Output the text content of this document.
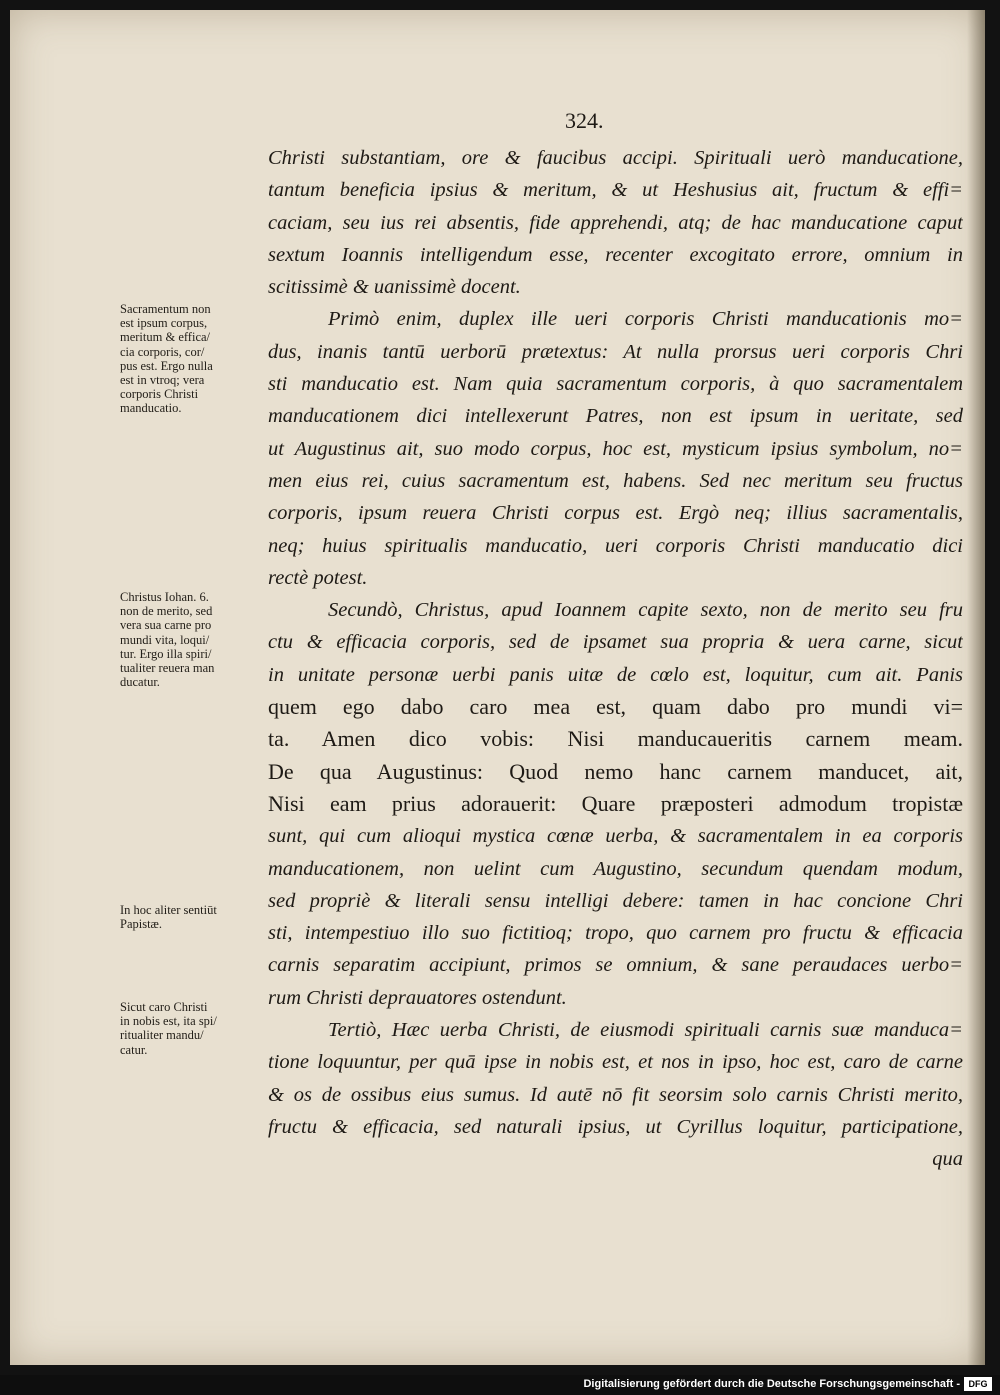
324.
Christi substantiam, ore & faucibus accipi. Spirituali uerò manducatione,
tantum beneficia ipsius & meritum, & ut Heshusius ait, fructum & effi=
caciam, seu ius rei absentis, fide apprehendi, atq; de hac manducatione caput
sextum Ioannis intelligendum esse, recenter excogitato errore, omnium in
scitissimè & uanissimè docent.
Primò enim, duplex ille ueri corporis Christi manducationis mo=
dus, inanis tantū uerborū prætextus: At nulla prorsus ueri corporis Chri
sti manducatio est. Nam quia sacramentum corporis, à quo sacramentalem
manducationem dici intellexerunt Patres, non est ipsum in ueritate, sed
ut Augustinus ait, suo modo corpus, hoc est, mysticum ipsius symbolum, no=
men eius rei, cuius sacramentum est, habens. Sed nec meritum seu fructus
corporis, ipsum reuera Christi corpus est. Ergò neq; illius sacramentalis,
neq; huius spiritualis manducatio, ueri corporis Christi manducatio dici
rectè potest.
Secundò, Christus, apud Ioannem capite sexto, non de merito seu fru
ctu & efficacia corporis, sed de ipsamet sua propria & uera carne, sicut
in unitate personæ uerbi panis uitæ de cœlo est, loquitur, cum ait. Panis
quem ego dabo caro mea est, quam dabo pro mundi vi=
ta. Amen dico vobis: Nisi manducaueritis carnem meam.
De qua Augustinus: Quod nemo hanc carnem manducet, ait,
Nisi eam prius adorauerit: Quare præposteri admodum tropistæ
sunt, qui cum alioqui mystica cœnæ uerba, & sacramentalem in ea corporis
manducationem, non uelint cum Augustino, secundum quendam modum,
sed propriè & literali sensu intelligi debere: tamen in hac concione Chri
sti, intempestiuo illo suo fictitioq; tropo, quo carnem pro fructu & efficacia
carnis separatim accipiunt, primos se omnium, & sane peraudaces uerbo=
rum Christi deprauatores ostendunt.
Tertiò, Hæc uerba Christi, de eiusmodi spirituali carnis suæ manduca=
tione loquuntur, per quā ipse in nobis est, et nos in ipso, hoc est, caro de carne
& os de ossibus eius sumus. Id autē nō fit seorsim solo carnis Christi merito,
fructu & efficacia, sed naturali ipsius, ut Cyrillus loquitur, participatione,
qua
Sacramentum non
est ipsum corpus,
meritum & effica/
cia corporis, cor/
pus est. Ergo nulla
est in vtroq; vera
corporis Christi
manducatio.
Christus Iohan. 6.
non de merito, sed
vera sua carne pro
mundi vita, loqui/
tur. Ergo illa spiri/
tualiter reuera man
ducatur.
In hoc aliter sentiūt
Papistæ.
Sicut caro Christi
in nobis est, ita spi/
ritualiter mandu/
catur.
Digitalisierung gefördert durch die Deutsche Forschungsgemeinschaft - DFG
